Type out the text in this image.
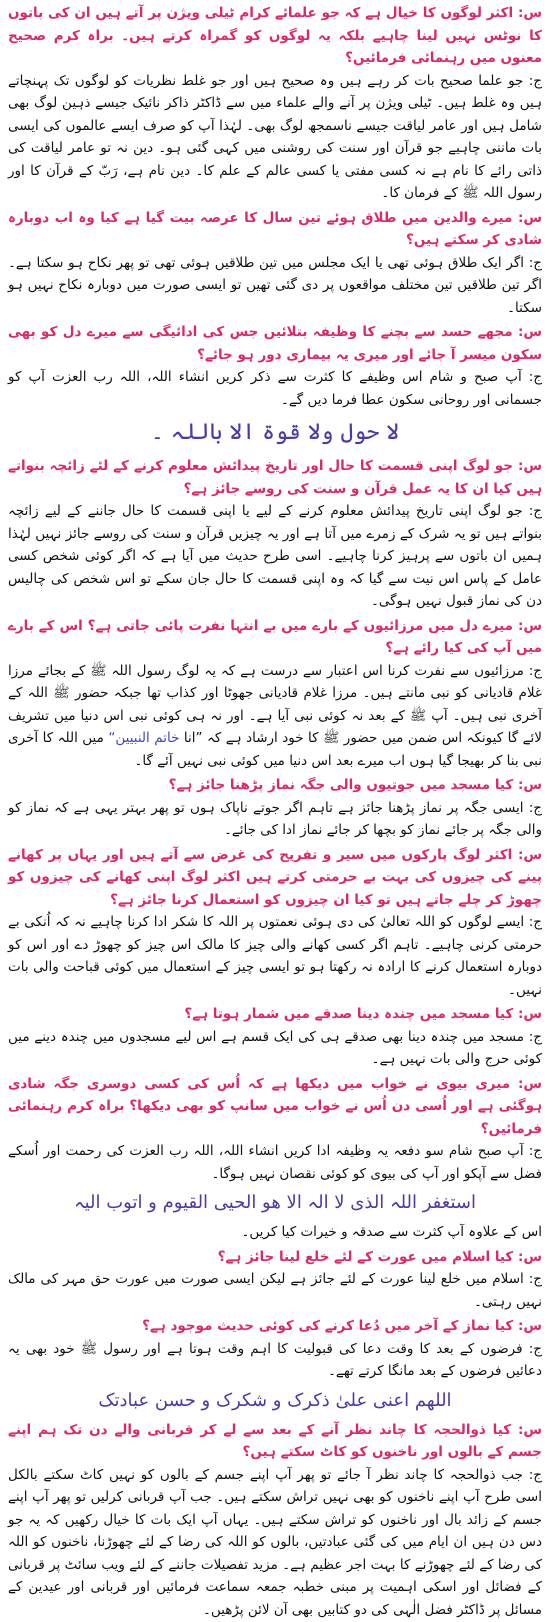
س: اکثر لوگوں کا خیال ہے کہ جو علمائے کرام ٹیلی ویژن پر آتے ہیں ان کی باتوں کا نوٹس نہیں لینا چاہیے بلکہ یہ لوگوں کو گمراہ کرتے ہیں۔ براہ کرم صحیح معنوں میں رہنمائی فرمائیں؟

ج: جو علما صحیح بات کر رہے ہیں وہ صحیح ہیں اور جو غلط نظریات کو لوگوں تک پہنچاتے ہیں وہ غلط ہیں۔ ٹیلی ویژن پر آنے والے علماء میں سے ڈاکٹر ذاکر نائیک جیسے ذہین لوگ بھی شامل ہیں اور عامر لیاقت جیسے ناسمجھ لوگ بھی۔ لہٰذا آپ کو صرف ایسے عالموں کی ایسی بات ماننی چاہیے جو قرآن اور سنت کی روشنی میں کہی گئی ہو۔ دین نہ تو عامر لیاقت کی ذاتی رائے کا نام ہے نہ کسی مفتی یا کسی عالم کے علم کا۔ دین نام ہے، رَبّ کے قرآن کا اور رسول اللہ ﷺ کے فرمان کا۔

س: میرے والدین میں طلاق ہوئے تین سال کا عرصہ بیت گیا ہے کیا وہ اب دوبارہ شادی کر سکتے ہیں؟

ج: اگر ایک طلاق ہوئی تھی یا ایک مجلس میں تین طلاقیں ہوئی تھی تو پھر نکاح ہو سکتا ہے۔ اگر تین طلاقیں تین مختلف مواقعوں پر دی گئی تھیں تو ایسی صورت میں دوبارہ نکاح نہیں ہو سکتا۔

س: مجھے حسد سے بچنے کا وظیفہ بتلائیں جس کی ادائیگی سے میرے دل کو بھی سکون میسر آ جائے اور میری یہ بیماری دور ہو جائے؟

ج: آپ صبح و شام اس وظیفے کا کثرت سے ذکر کریں انشاء اللہ، اللہ رب العزت آپ کو جسمانی اور روحانی سکون عطا فرما دیں گے۔

لا حول ولا قوۃ الا باللہ ۔

س: جو لوگ اپنی قسمت کا حال اور تاریخ پیدائش معلوم کرنے کے لئے زائچہ بنواتے ہیں کیا ان کا یہ عمل قرآن و سنت کی روسے جائز ہے؟

ج: جو لوگ اپنی تاریخ پیدائش معلوم کرنے کے لیے یا اپنی قسمت کا حال جاننے کے لیے زائچہ بنواتے ہیں تو یہ شرک کے زمرے میں آتا ہے اور یہ چیزیں قرآن و سنت کی روسے جائز نہیں لہٰذا ہمیں ان باتوں سے پرہیز کرنا چاہیے۔ اسی طرح حدیث میں آیا ہے کہ اگر کوئی شخص کسی عامل کے پاس اس نیت سے گیا کہ وہ اپنی قسمت کا حال جان سکے تو اس شخص کی چالیس دن کی نماز قبول نہیں ہوگی۔

س: میرے دل میں مرزائیوں کے بارے میں بے انتہا نفرت پائی جاتی ہے؟ اس کے بارے میں آپ کی کیا رائے ہے؟

ج: مرزائیوں سے نفرت کرنا اس اعتبار سے درست ہے کہ یہ لوگ رسول اللہ ﷺ کے بجائے مرزا غلام قادیانی کو نبی مانتے ہیں۔ مرزا غلام قادیانی جھوٹا اور کذاب تھا جبکہ حضور ﷺ اللہ کے آخری نبی ہیں۔ آپ ﷺ کے بعد نہ کوئی نبی آیا ہے۔ اور نہ ہی کوئی نبی اس دنیا میں تشریف لائے گا کیونکہ اس ضمن میں حضور ﷺ کا خود ارشاد ہے کہ ”انا خاتم النبیین“ میں اللہ کا آخری نبی بنا کر بھیجا گیا ہوں اب میرے بعد اس دنیا میں کوئی نبی نہیں آئے گا۔

س: کیا مسجد میں جوتیوں والی جگہ نماز پڑھنا جائز ہے؟

ج: ایسی جگہ پر نماز پڑھنا جائز ہے تاہم اگر جوتے ناپاک ہوں تو پھر بہتر یہی ہے کہ نماز کو والی جگہ پر جائے نماز کو بچھا کر جائے نماز ادا کی جائے۔

س: اکثر لوگ پارکوں میں سیر و تفریح کی غرض سے آتے ہیں اور یہاں پر کھانے پینے کی چیزوں کی بہت بے حرمتی کرتے ہیں اکثر لوگ اپنی کھانے کی چیزوں کو چھوڑ کر چلے جاتے ہیں تو کیا ان چیزوں کو استعمال کرنا جائز ہے؟

ج: ایسے لوگوں کو اللہ تعالیٰ کی دی ہوئی نعمتوں پر اللہ کا شکر ادا کرنا چاہیے نہ کہ اُنکی بے حرمتی کرنی چاہیے۔ تاہم اگر کسی کھانے والی چیز کا مالک اس چیز کو چھوڑ دے اور اس کو دوبارہ استعمال کرنے کا ارادہ نہ رکھتا ہو تو ایسی چیز کے استعمال میں کوئی قباحت والی بات نہیں۔

س: کیا مسجد میں چندہ دینا صدقے میں شمار ہوتا ہے؟

ج: مسجد میں چندہ دینا بھی صدقے ہی کی ایک قسم ہے اس لیے مسجدوں میں چندہ دینے میں کوئی حرج والی بات نہیں ہے۔

س: میری بیوی نے خواب میں دیکھا ہے کہ اُس کی کسی دوسری جگہ شادی ہوگئی ہے اور اُسی دن اُس نے خواب میں سانپ کو بھی دیکھا؟ براہ کرم رہنمائی فرمائیں؟

ج: آپ صبح شام سو دفعہ یہ وظیفہ ادا کریں انشاء اللہ، اللہ رب العزت کی رحمت اور اُسکے فضل سے آپکو اور آپ کی بیوی کو کوئی نقصان نہیں ہوگا۔

استغفر اللہ الذی لا الہ الا ھو الحیی القیوم و اتوب الیہ

اس کے علاوہ آپ کثرت سے صدقہ و خیرات کیا کریں۔

س: کیا اسلام میں عورت کے لئے خلع لینا جائز ہے؟

ج: اسلام میں خلع لینا عورت کے لئے جائز ہے لیکن ایسی صورت میں عورت حق مہر کی مالک نہیں رہتی۔

س: کیا نماز کے آخر میں دُعا کرنے کی کوئی حدیث موجود ہے؟

ج: فرضوں کے بعد کا وقت دعا کی قبولیت کا اہم وقت ہوتا ہے اور رسول ﷺ خود بھی یہ دعائیں فرضوں کے بعد مانگا کرتے تھے۔

اللھم اعنی علیٰ ذکرک و شکرک و حسن عبادتک

س: کیا ذوالحجہ کا چاند نظر آنے کے بعد سے لے کر قربانی والے دن تک ہم اپنے جسم کے بالوں اور ناخنوں کو کاٹ سکتے ہیں؟

ج: جب ذوالحجہ کا چاند نظر آ جائے تو پھر آپ اپنے جسم کے بالوں کو نہیں کاٹ سکتے بالکل اسی طرح آپ اپنے ناخنوں کو بھی نہیں تراش سکتے ہیں۔ جب آپ قربانی کرلیں تو پھر آپ اپنے جسم کے زائد بال اور ناخنوں کو تراش سکتے ہیں۔ یہاں آپ ایک بات کا خیال رکھیں کہ یہ جو دس دن ہیں ان ایام میں کی گئی عبادتیں، بالوں کو اللہ کی رضا کے لئے چھوڑنا، ناخنوں کو اللہ کی رضا کے لئے چھوڑنے کا بہت اجر عظیم ہے۔ مزید تفصیلات جاننے کے لئے ویب سائٹ پر قربانی کے فضائل اور اسکی اہمیت پر مبنی خطبہ جمعہ سماعت فرمائیں اور قربانی اور عیدین کے مسائل پر ڈاکٹر فضل الٰہی کی دو کتابیں بھی آن لائن پڑھیں۔
